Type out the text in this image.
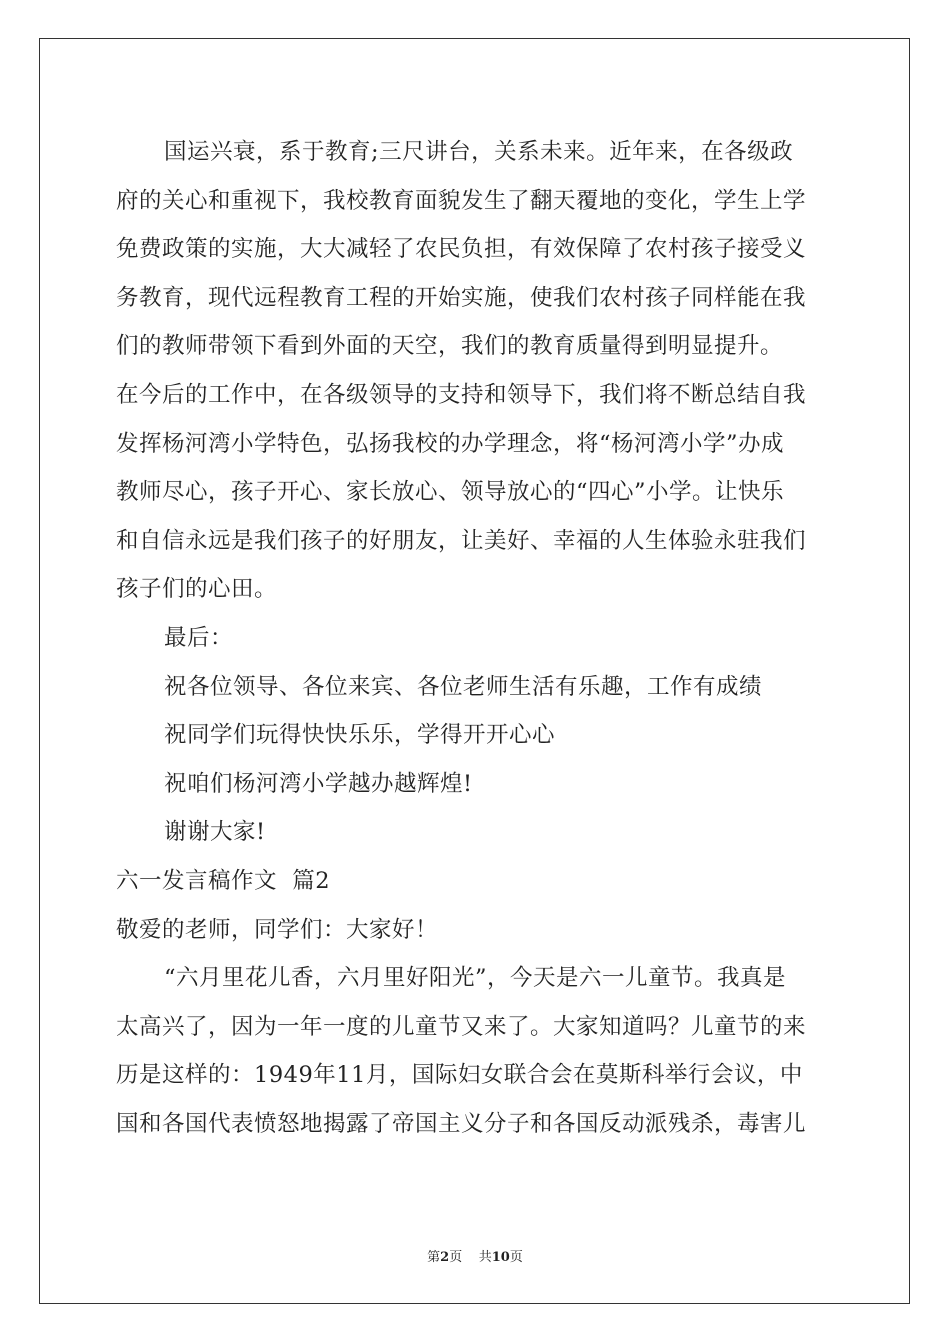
国运兴衰，系于教育;三尺讲台，关系未来。近年来，在各级政
府的关心和重视下，我校教育面貌发生了翻天覆地的变化，学生上学
免费政策的实施，大大减轻了农民负担，有效保障了农村孩子接受义
务教育，现代远程教育工程的开始实施，使我们农村孩子同样能在我
们的教师带领下看到外面的天空，我们的教育质量得到明显提升。
在今后的工作中，在各级领导的支持和领导下，我们将不断总结自我
发挥杨河湾小学特色，弘扬我校的办学理念，将“杨河湾小学”办成
教师尽心，孩子开心、家长放心、领导放心的“四心”小学。让快乐
和自信永远是我们孩子的好朋友，让美好、幸福的人生体验永驻我们
孩子们的心田。
最后：
祝各位领导、各位来宾、各位老师生活有乐趣，工作有成绩
祝同学们玩得快快乐乐，学得开开心心
祝咱们杨河湾小学越办越辉煌!
谢谢大家!
六一发言稿作文  篇2
敬爱的老师，同学们：大家好！
“六月里花儿香，六月里好阳光”，今天是六一儿童节。我真是
太高兴了，因为一年一度的儿童节又来了。大家知道吗？儿童节的来
历是这样的：1949年11月，国际妇女联合会在莫斯科举行会议，中
国和各国代表愤怒地揭露了帝国主义分子和各国反动派残杀，毒害儿
第2页 共10页
